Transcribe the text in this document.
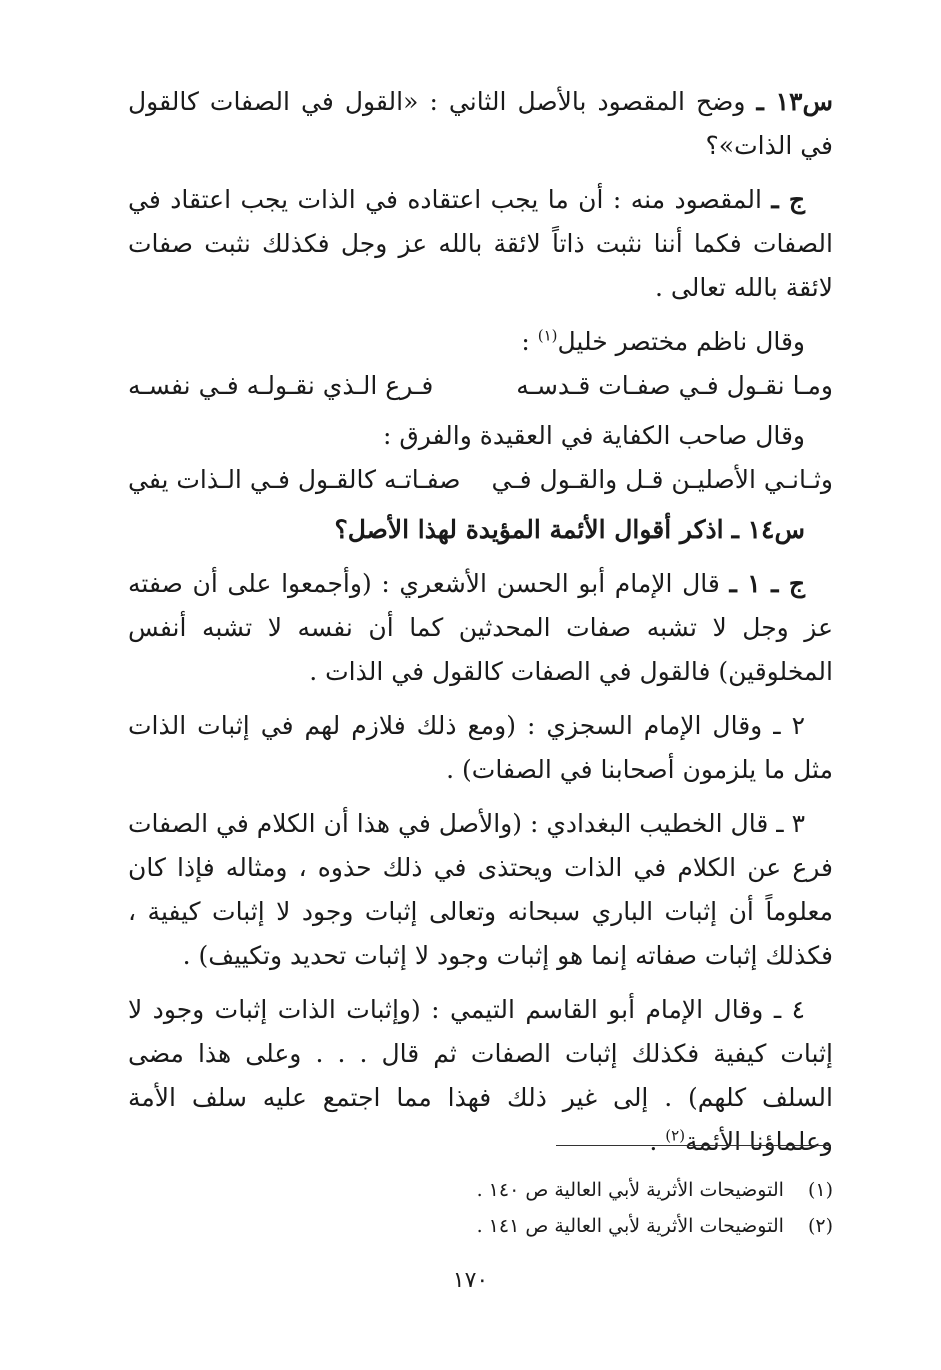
س١٣ ـ وضح المقصود بالأصل الثاني : «القول في الصفات كالقول في الذات»؟

ج ـ المقصود منه : أن ما يجب اعتقاده في الذات يجب اعتقاد في الصفات فكما أننا نثبت ذاتاً لائقة بالله عز وجل فكذلك نثبت صفات لائقة بالله تعالى .

وقال ناظم مختصر خليل$^{(١)}$ :

ومـا نقـول فـي صفـات قـدسـه
فـرع الـذي نقـولـه فـي نفسـه

وقال صاحب الكفاية في العقيدة والفرق :

وثـانـي الأصليـن قـل والقـول فـي
صفـاتـه كالقـول فـي الـذات يفي

س١٤ ـ اذكر أقوال الأئمة المؤيدة لهذا الأصل؟

ج ـ ١ ـ قال الإمام أبو الحسن الأشعري : (وأجمعوا على أن صفته عز وجل لا تشبه صفات المحدثين كما أن نفسه لا تشبه أنفس المخلوقين) فالقول في الصفات كالقول في الذات .

٢ ـ وقال الإمام السجزي : (ومع ذلك فلازم لهم في إثبات الذات مثل ما يلزمون أصحابنا في الصفات) .

٣ ـ قال الخطيب البغدادي : (والأصل في هذا أن الكلام في الصفات فرع عن الكلام في الذات ويحتذى في ذلك حذوه ، ومثاله فإذا كان معلوماً أن إثبات الباري سبحانه وتعالى إثبات وجود لا إثبات كيفية ، فكذلك إثبات صفاته إنما هو إثبات وجود لا إثبات تحديد وتكييف) .

٤ ـ وقال الإمام أبو القاسم التيمي : (وإثبات الذات إثبات وجود لا إثبات كيفية فكذلك إثبات الصفات ثم قال . . . وعلى هذا مضى السلف كلهم) . إلى غير ذلك فهذا مما اجتمع عليه سلف الأمة وعلماؤنا الأئمة$^{(٢)}$ .

(١)
التوضيحات الأثرية لأبي العالية ص ١٤٠ .
(٢)
التوضيحات الأثرية لأبي العالية ص ١٤١ .
١٧٠
